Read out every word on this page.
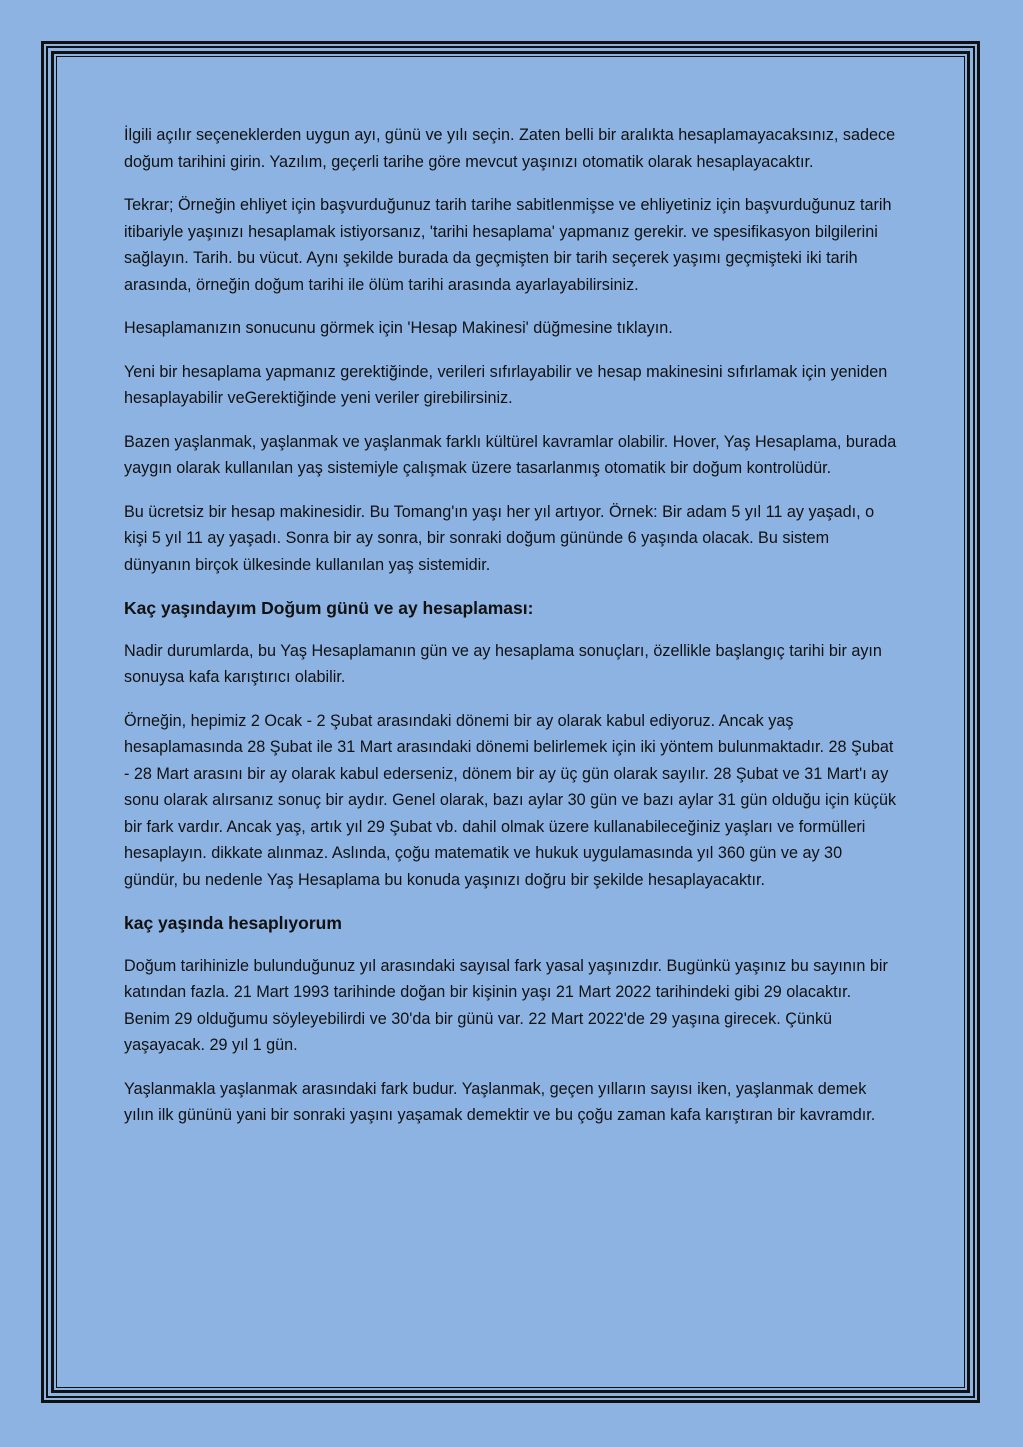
İlgili açılır seçeneklerden uygun ayı, günü ve yılı seçin. Zaten belli bir aralıkta hesaplamayacaksınız, sadece doğum tarihini girin. Yazılım, geçerli tarihe göre mevcut yaşınızı otomatik olarak hesaplayacaktır.

Tekrar; Örneğin ehliyet için başvurduğunuz tarih tarihe sabitlenmişse ve ehliyetiniz için başvurduğunuz tarih itibariyle yaşınızı hesaplamak istiyorsanız, 'tarihi hesaplama' yapmanız gerekir. ve spesifikasyon bilgilerini sağlayın. Tarih. bu vücut. Aynı şekilde burada da geçmişten bir tarih seçerek yaşımı geçmişteki iki tarih arasında, örneğin doğum tarihi ile ölüm tarihi arasında ayarlayabilirsiniz.

Hesaplamanızın sonucunu görmek için 'Hesap Makinesi' düğmesine tıklayın.

Yeni bir hesaplama yapmanız gerektiğinde, verileri sıfırlayabilir ve hesap makinesini sıfırlamak için yeniden hesaplayabilir veGerektiğinde yeni veriler girebilirsiniz.

Bazen yaşlanmak, yaşlanmak ve yaşlanmak farklı kültürel kavramlar olabilir. Hover, Yaş Hesaplama, burada yaygın olarak kullanılan yaş sistemiyle çalışmak üzere tasarlanmış otomatik bir doğum kontrolüdür.

Bu ücretsiz bir hesap makinesidir. Bu Tomang'ın yaşı her yıl artıyor. Örnek: Bir adam 5 yıl 11 ay yaşadı, o kişi 5 yıl 11 ay yaşadı. Sonra bir ay sonra, bir sonraki doğum gününde 6 yaşında olacak. Bu sistem dünyanın birçok ülkesinde kullanılan yaş sistemidir.

Kaç yaşındayım Doğum günü ve ay hesaplaması:

Nadir durumlarda, bu Yaş Hesaplamanın gün ve ay hesaplama sonuçları, özellikle başlangıç tarihi bir ayın sonuysa kafa karıştırıcı olabilir.

Örneğin, hepimiz 2 Ocak - 2 Şubat arasındaki dönemi bir ay olarak kabul ediyoruz. Ancak yaş hesaplamasında 28 Şubat ile 31 Mart arasındaki dönemi belirlemek için iki yöntem bulunmaktadır. 28 Şubat - 28 Mart arasını bir ay olarak kabul ederseniz, dönem bir ay üç gün olarak sayılır. 28 Şubat ve 31 Mart'ı ay sonu olarak alırsanız sonuç bir aydır. Genel olarak, bazı aylar 30 gün ve bazı aylar 31 gün olduğu için küçük bir fark vardır. Ancak yaş, artık yıl 29 Şubat vb. dahil olmak üzere kullanabileceğiniz yaşları ve formülleri hesaplayın. dikkate alınmaz. Aslında, çoğu matematik ve hukuk uygulamasında yıl 360 gün ve ay 30 gündür, bu nedenle Yaş Hesaplama bu konuda yaşınızı doğru bir şekilde hesaplayacaktır.

kaç yaşında hesaplıyorum

Doğum tarihinizle bulunduğunuz yıl arasındaki sayısal fark yasal yaşınızdır. Bugünkü yaşınız bu sayının bir katından fazla. 21 Mart 1993 tarihinde doğan bir kişinin yaşı 21 Mart 2022 tarihindeki gibi 29 olacaktır. Benim 29 olduğumu söyleyebilirdi ve 30'da bir günü var. 22 Mart 2022'de 29 yaşına girecek. Çünkü yaşayacak. 29 yıl 1 gün.

Yaşlanmakla yaşlanmak arasındaki fark budur. Yaşlanmak, geçen yılların sayısı iken, yaşlanmak demek yılın ilk gününü yani bir sonraki yaşını yaşamak demektir ve bu çoğu zaman kafa karıştıran bir kavramdır.
